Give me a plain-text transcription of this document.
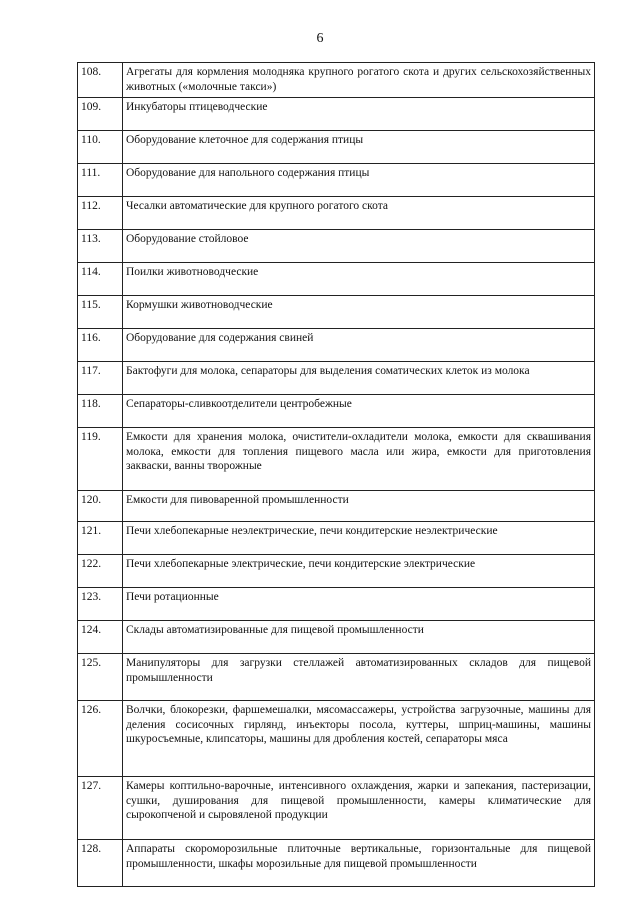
6
108.	Агрегаты для кормления молодняка крупного рогатого скота и других сельскохозяйственных животных («молочные такси»)
109.	Инкубаторы птицеводческие
110.	Оборудование клеточное для содержания птицы
111.	Оборудование для напольного содержания птицы
112.	Чесалки автоматические для крупного рогатого скота
113.	Оборудование стойловое
114.	Поилки животноводческие
115.	Кормушки животноводческие
116.	Оборудование для содержания свиней
117.	Бактофуги для молока, сепараторы для выделения соматических клеток из молока
118.	Сепараторы-сливкоотделители центробежные
119.	Емкости для хранения молока, очистители-охладители молока, емкости для сквашивания молока, емкости для топления пищевого масла или жира, емкости для приготовления закваски, ванны творожные
120.	Емкости для пивоваренной промышленности
121.	Печи хлебопекарные неэлектрические, печи кондитерские неэлектрические
122.	Печи хлебопекарные электрические, печи кондитерские электрические
123.	Печи ротационные
124.	Склады автоматизированные для пищевой промышленности
125.	Манипуляторы для загрузки стеллажей автоматизированных складов для пищевой промышленности
126.	Волчки, блокорезки, фаршемешалки, мясомассажеры, устройства загрузочные, машины для деления сосисочных гирлянд, инъекторы посола, куттеры, шприц-машины, машины шкуросъемные, клипсаторы, машины для дробления костей, сепараторы мяса
127.	Камеры коптильно-варочные, интенсивного охлаждения, жарки и запекания, пастеризации, сушки, душирования для пищевой промышленности, камеры климатические для сырокопченой и сыровяленой продукции
128.	Аппараты скороморозильные плиточные вертикальные, горизонтальные для пищевой промышленности, шкафы морозильные для пищевой промышленности
